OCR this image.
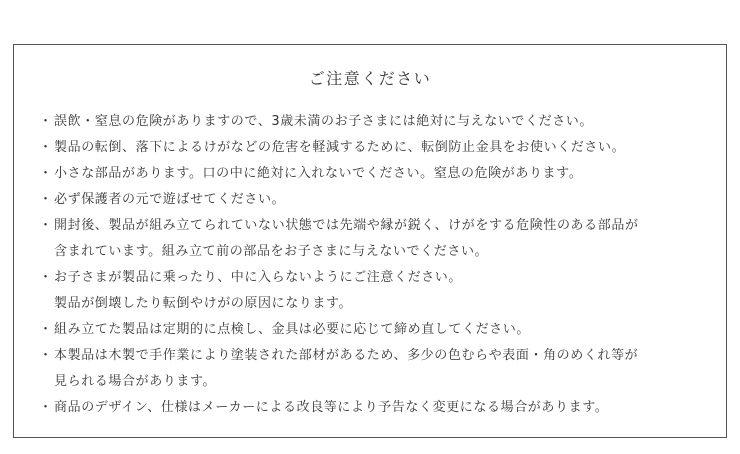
ご注意ください
・ 誤飲・窒息の危険がありますので、3歳未満のお子さまには絶対に与えないでください。
・ 製品の転倒、落下によるけがなどの危害を軽減するために、転倒防止金具をお使いください。
・ 小さな部品があります。口の中に絶対に入れないでください。窒息の危険があります。
・ 必ず保護者の元で遊ばせてください。
・ 開封後、製品が組み立てられていない状態では先端や縁が鋭く、けがをする危険性のある部品が
含まれています。組み立て前の部品をお子さまに与えないでください。
・ お子さまが製品に乗ったり、中に入らないようにご注意ください。
製品が倒壊したり転倒やけがの原因になります。
・ 組み立てた製品は定期的に点検し、金具は必要に応じて締め直してください。
・ 本製品は木製で手作業により塗装された部材があるため、多少の色むらや表面・角のめくれ等が
見られる場合があります。
・ 商品のデザイン、仕様はメーカーによる改良等により予告なく変更になる場合があります。
